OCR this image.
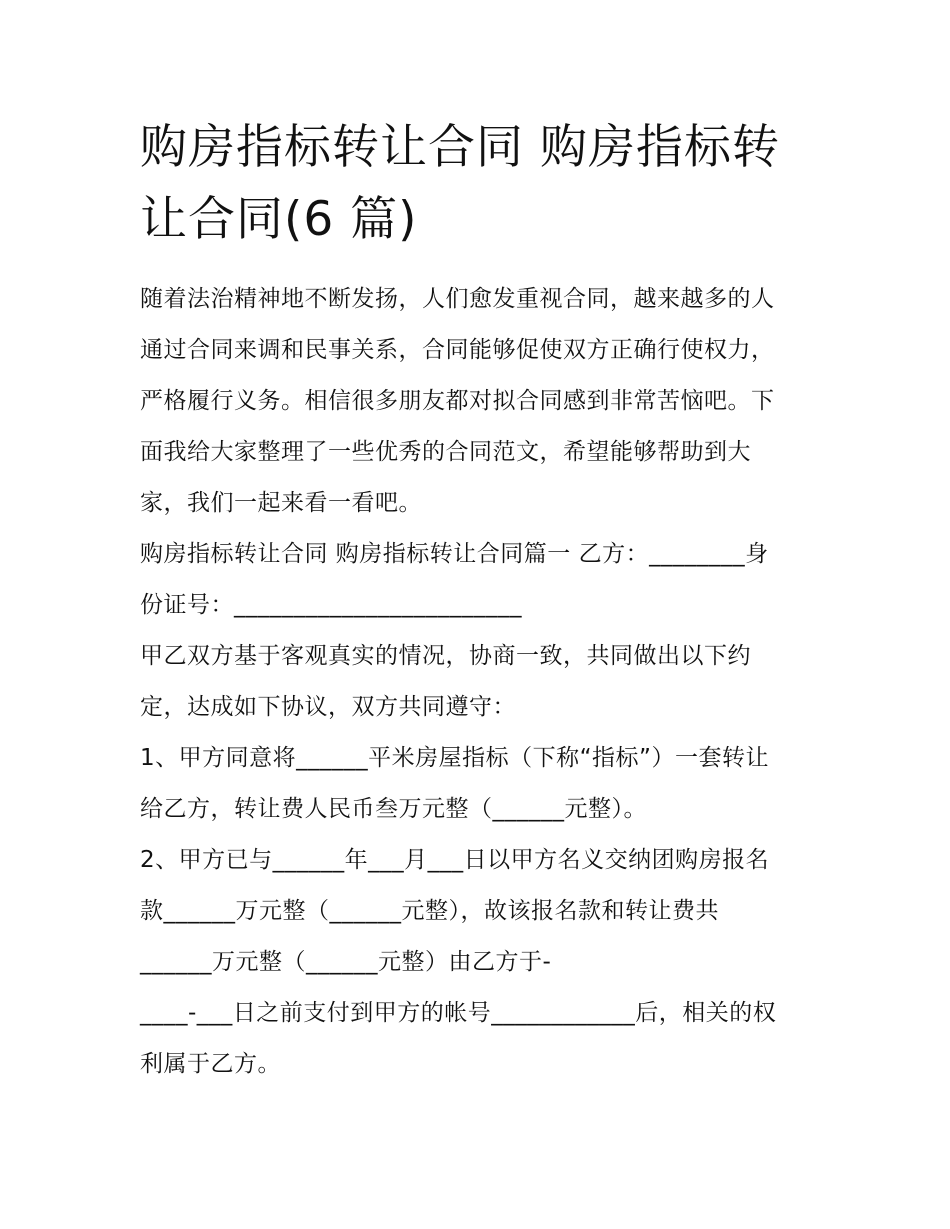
购房指标转让合同 购房指标转
让合同(6 篇)

随着法治精神地不断发扬，人们愈发重视合同，越来越多的人

通过合同来调和民事关系，合同能够促使双方正确行使权力，

严格履行义务。相信很多朋友都对拟合同感到非常苦恼吧。下

面我给大家整理了一些优秀的合同范文，希望能够帮助到大

家，我们一起来看一看吧。

购房指标转让合同 购房指标转让合同篇一 乙方：________身

份证号：________________________

甲乙双方基于客观真实的情况，协商一致，共同做出以下约

定，达成如下协议，双方共同遵守：

1、甲方同意将______平米房屋指标（下称“指标”）一套转让

给乙方，转让费人民币叁万元整（______元整）。

2、甲方已与______年___月___日以甲方名义交纳团购房报名

款______万元整（______元整），故该报名款和转让费共

______万元整（______元整）由乙方于-

____-___日之前支付到甲方的帐号____________后，相关的权

利属于乙方。
